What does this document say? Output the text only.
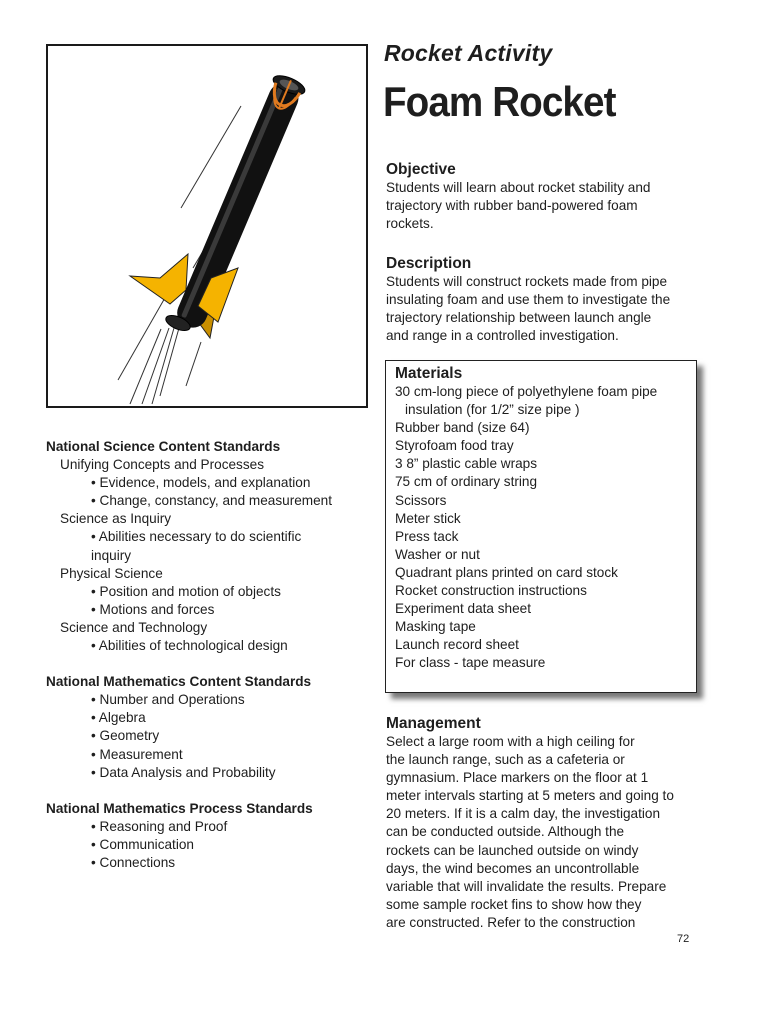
National Science Content Standards
Unifying Concepts and Processes
• Evidence, models, and explanation
• Change, constancy, and measurement
Science as Inquiry
• Abilities necessary to do scientific
inquiry
Physical Science
• Position and motion of objects
• Motions and forces
Science and Technology
• Abilities of technological design
National Mathematics Content Standards
• Number and Operations
• Algebra
• Geometry
• Measurement
• Data Analysis and Probability
National Mathematics Process Standards
• Reasoning and Proof
• Communication
• Connections
Rocket Activity
Foam Rocket
Objective
Students will learn about rocket stability and
trajectory with rubber band-powered foam
rockets.
Description
Students will construct rockets made from pipe
insulating foam and use them to investigate the
trajectory relationship between launch angle
and range in a controlled investigation.
Materials
30 cm-long piece of polyethylene foam pipe
insulation (for 1/2” size pipe )
Rubber band (size 64)
Styrofoam food tray
3 8” plastic cable wraps
75 cm of ordinary string
Scissors
Meter stick
Press tack
Washer or nut
Quadrant plans printed on card stock
Rocket construction instructions
Experiment data sheet
Masking tape
Launch record sheet
For class - tape measure
Management
Select a large room with a high ceiling for
the launch range, such as a cafeteria or
gymnasium. Place markers on the floor at 1
meter intervals starting at 5 meters and going to
20 meters. If it is a calm day, the investigation
can be conducted outside. Although the
rockets can be launched outside on windy
days, the wind becomes an uncontrollable
variable that will invalidate the results. Prepare
some sample rocket fins to show how they
are constructed. Refer to the construction
72
